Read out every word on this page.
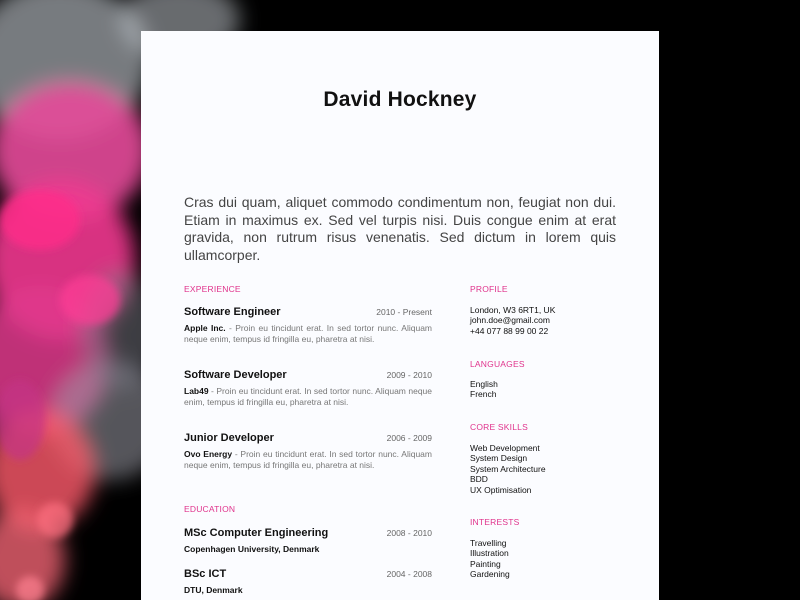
David Hockney
Cras dui quam, aliquet commodo condimentum non, feugiat non dui. Etiam in maximus ex. Sed vel turpis nisi. Duis congue enim at erat gravida, non rutrum risus venenatis. Sed dictum in lorem quis ullamcorper.
EXPERIENCE
Software Engineer	2010 - Present
Apple Inc. - Proin eu tincidunt erat. In sed tortor nunc. Aliquam neque enim, tempus id fringilla eu, pharetra at nisi.
Software Developer	2009 - 2010
Lab49 - Proin eu tincidunt erat. In sed tortor nunc. Aliquam neque enim, tempus id fringilla eu, pharetra at nisi.
Junior Developer	2006 - 2009
Ovo Energy - Proin eu tincidunt erat. In sed tortor nunc. Aliquam neque enim, tempus id fringilla eu, pharetra at nisi.
EDUCATION
MSc Computer Engineering	2008 - 2010
Copenhagen University, Denmark
BSc ICT	2004 - 2008
DTU, Denmark
PROFILE
London, W3 6RT1, UK
john.doe@gmail.com
+44 077 88 99 00 22
LANGUAGES
English
French
CORE SKILLS
Web Development
System Design
System Architecture
BDD
UX Optimisation
INTERESTS
Travelling
Illustration
Painting
Gardening
